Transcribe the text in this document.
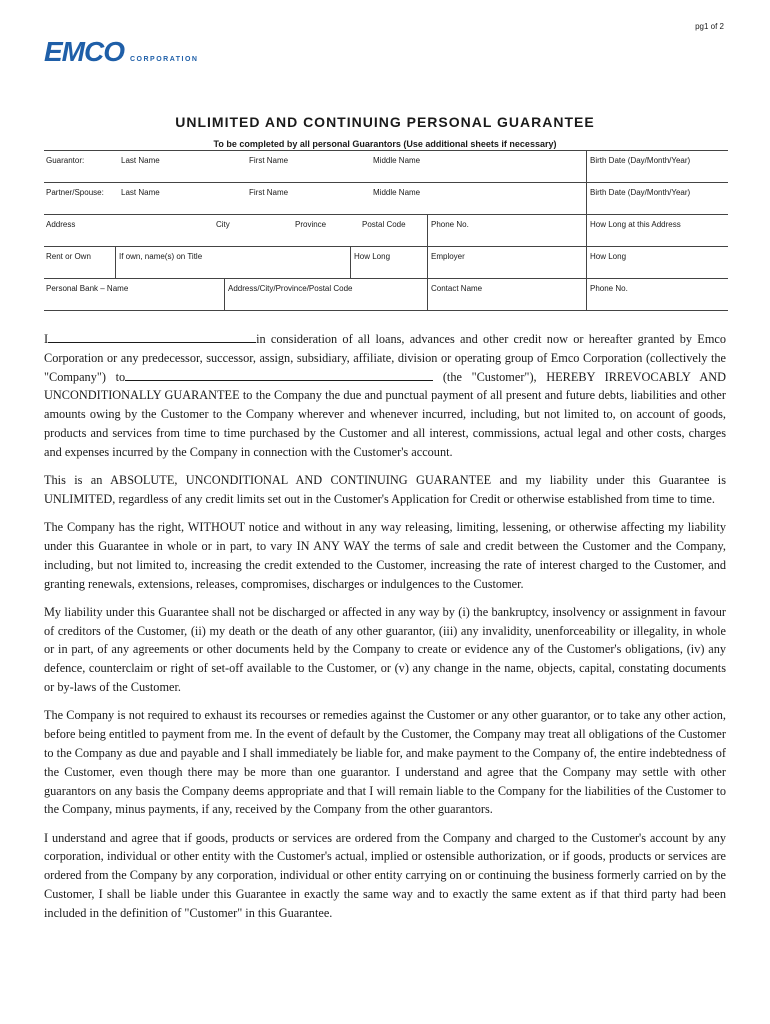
pg1 of 2
EMCO CORPORATION
UNLIMITED AND CONTINUING PERSONAL GUARANTEE
To be completed by all personal Guarantors (Use additional sheets if necessary)
Guarantor:	Last Name	First Name	Middle Name	Birth Date (Day/Month/Year)
Partner/Spouse: Last Name	First Name	Middle Name	Birth Date (Day/Month/Year)
Address	City	Province	Postal Code	Phone No.	How Long at this Address
Rent or Own	If own, name(s) on Title	How Long	Employer	How Long
Personal Bank – Name	Address/City/Province/Postal Code	Contact Name	Phone No.

I	in consideration of all loans, advances and other credit now or hereafter granted by Emco Corporation or any predecessor, successor, assign, subsidiary, affiliate, division or operating group of Emco Corporation (collectively the "Company") to	(the "Customer"), HEREBY IRREVOCABLY AND UNCONDITIONALLY GUARANTEE to the Company the due and punctual payment of all present and future debts, liabilities and other amounts owing by the Customer to the Company wherever and whenever incurred, including, but not limited to, on account of goods, products and services from time to time purchased by the Customer and all interest, commissions, actual legal and other costs, charges and expenses incurred by the Company in connection with the Customer's account.

This is an ABSOLUTE, UNCONDITIONAL AND CONTINUING GUARANTEE and my liability under this Guarantee is UNLIMITED, regardless of any credit limits set out in the Customer's Application for Credit or otherwise established from time to time.

The Company has the right, WITHOUT notice and without in any way releasing, limiting, lessening, or otherwise affecting my liability under this Guarantee in whole or in part, to vary IN ANY WAY the terms of sale and credit between the Customer and the Company, including, but not limited to, increasing the credit extended to the Customer, increasing the rate of interest charged to the Customer, and granting renewals, extensions, releases, compromises, discharges or indulgences to the Customer.

My liability under this Guarantee shall not be discharged or affected in any way by (i) the bankruptcy, insolvency or assignment in favour of creditors of the Customer, (ii) my death or the death of any other guarantor, (iii) any invalidity, unenforceability or illegality, in whole or in part, of any agreements or other documents held by the Company to create or evidence any of the Customer's obligations, (iv) any defence, counterclaim or right of set-off available to the Customer, or (v) any change in the name, objects, capital, constating documents or by-laws of the Customer.

The Company is not required to exhaust its recourses or remedies against the Customer or any other guarantor, or to take any other action, before being entitled to payment from me. In the event of default by the Customer, the Company may treat all obligations of the Customer to the Company as due and payable and I shall immediately be liable for, and make payment to the Company of, the entire indebtedness of the Customer, even though there may be more than one guarantor. I understand and agree that the Company may settle with other guarantors on any basis the Company deems appropriate and that I will remain liable to the Company for the liabilities of the Customer to the Company, minus payments, if any, received by the Company from the other guarantors.

I understand and agree that if goods, products or services are ordered from the Company and charged to the Customer's account by any corporation, individual or other entity with the Customer's actual, implied or ostensible authorization, or if goods, products or services are ordered from the Company by any corporation, individual or other entity carrying on or continuing the business formerly carried on by the Customer, I shall be liable under this Guarantee in exactly the same way and to exactly the same extent as if that third party had been included in the definition of "Customer" in this Guarantee.
